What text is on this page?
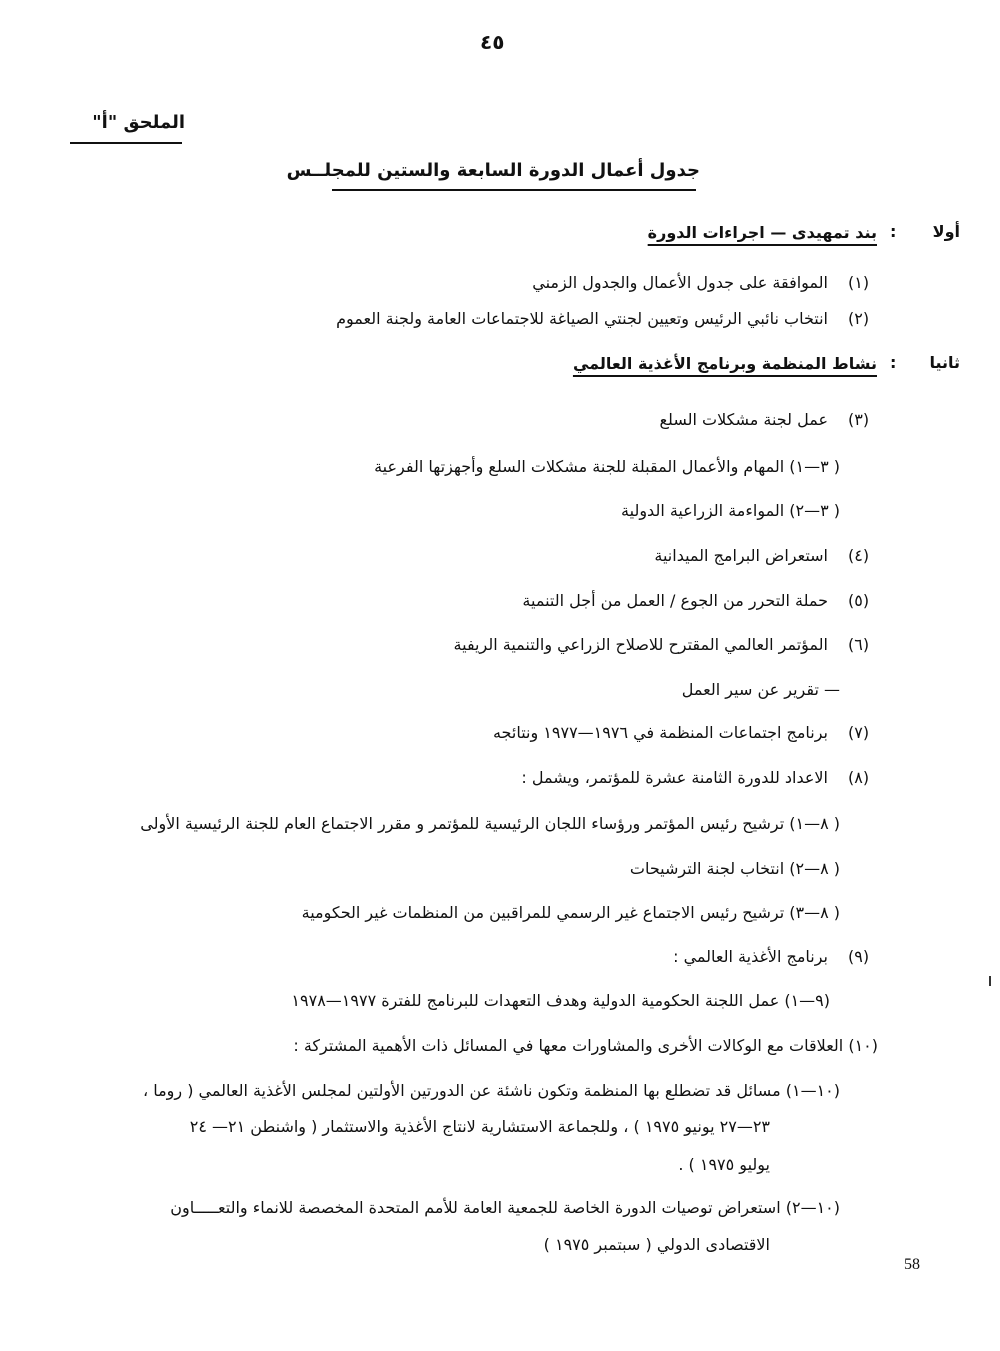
٤٥
الملحق "أ"
جدول أعمال الدورة السابعة والستين للمجلــس
أولا
:
بند تمهيدى — اجراءات الدورة
(١)
الموافقة على جدول الأعمال والجدول الزمني
(٢)
انتخاب نائبي الرئيس وتعيين لجنتي الصياغة للاجتماعات العامة ولجنة العموم
ثانيا
:
نشاط المنظمة وبرنامج الأغذية العالمي
(٣)
عمل لجنة مشكلات السلع
( ٣—١) المهام والأعمال المقبلة للجنة مشكلات السلع وأجهزتها الفرعية
( ٣—٢) المواءمة الزراعية الدولية
(٤)
استعراض البرامج الميدانية
(٥)
حملة التحرر من الجوع / العمل من أجل التنمية
(٦)
المؤتمر العالمي المقترح للاصلاح الزراعي والتنمية الريفية
— تقرير عن سير العمل
(٧)
برنامج اجتماعات المنظمة في ١٩٧٦—١٩٧٧ ونتائجه
(٨)
الاعداد للدورة الثامنة عشرة للمؤتمر، ويشمل :
( ٨—١) ترشيح رئيس المؤتمر ورؤساء اللجان الرئيسية للمؤتمر و مقرر الاجتماع العام للجنة الرئيسية الأولى
( ٨—٢) انتخاب لجنة الترشيحات
( ٨—٣) ترشيح رئيس الاجتماع غير الرسمي للمراقبين من المنظمات غير الحكومية
(٩)
برنامج الأغذية العالمي :
(٩—١) عمل اللجنة الحكومية الدولية وهدف التعهدات للبرنامج للفترة ١٩٧٧—١٩٧٨
(١٠) العلاقات مع الوكالات الأخرى والمشاورات معها في المسائل ذات الأهمية المشتركة :
(١٠—١) مسائل قد تضطلع بها المنظمة وتكون ناشئة عن الدورتين الأولتين لمجلس الأغذية العالمي ( روما ،
٢٣—٢٧ يونيو ١٩٧٥ ) ، وللجماعة الاستشارية لانتاج الأغذية والاستثمار ( واشنطن ٢١— ٢٤
يوليو ١٩٧٥ ) .
(١٠—٢) استعراض توصيات الدورة الخاصة للجمعية العامة للأمم المتحدة المخصصة للانماء والتعـــــاون
الاقتصادى الدولي ( سبتمبر ١٩٧٥ )
58
